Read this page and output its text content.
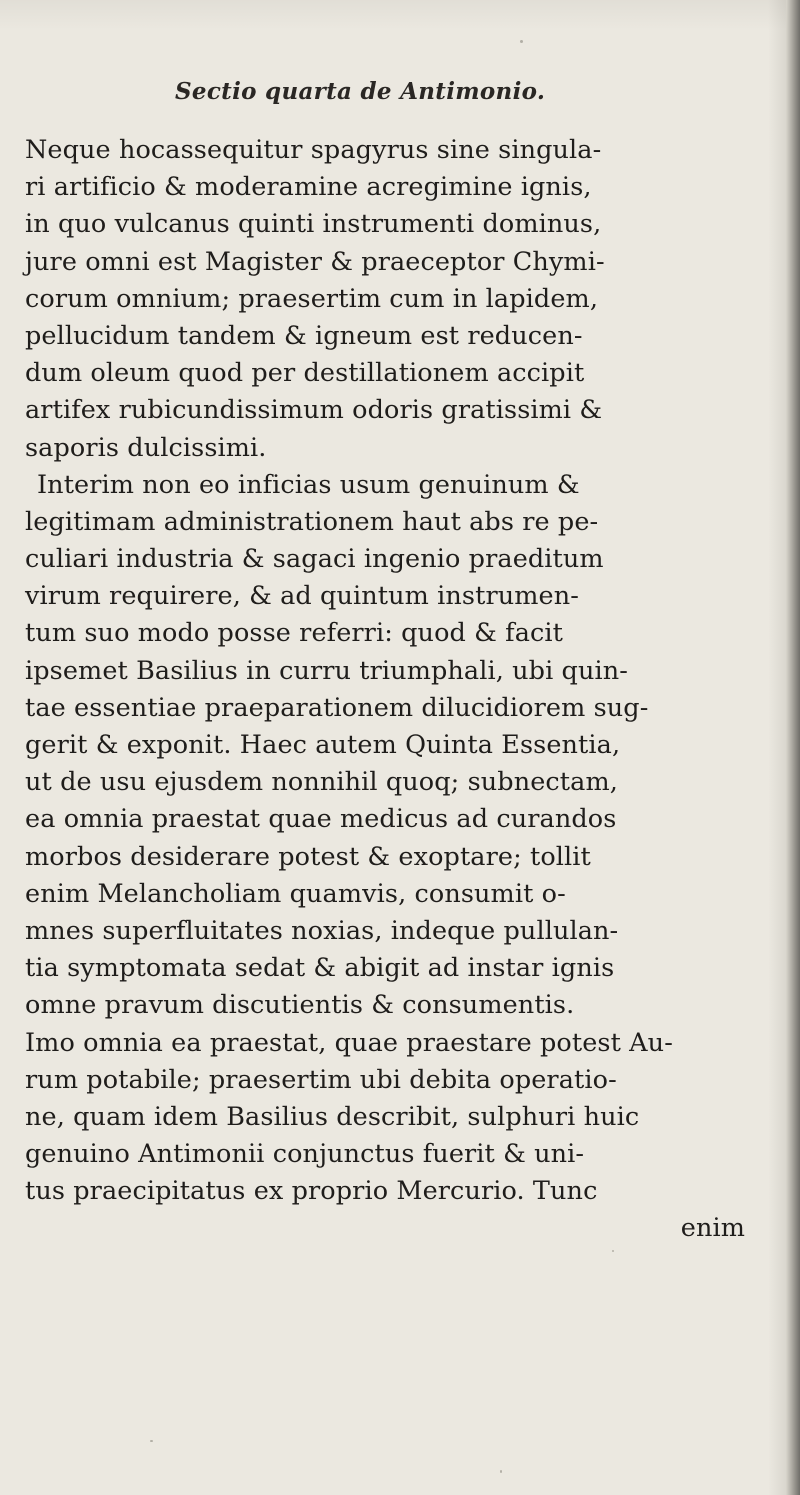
Sectio quarta de Antimonio.
Neque hocassequitur spagyrus sine singula-
ri artificio & moderamine acregimine ignis,
in quo vulcanus quinti instrumenti dominus,
jure omni est Magister & praeceptor Chymi-
corum omnium; praesertim cum in lapidem,
pellucidum tandem & igneum est reducen-
dum oleum quod per destillationem accipit
artifex rubicundissimum odoris gratissimi &
saporis dulcissimi.
Interim non eo inficias usum genuinum &
legitimam administrationem haut abs re pe-
culiari industria & sagaci ingenio praeditum
virum requirere, & ad quintum instrumen-
tum suo modo posse referri: quod & facit
ipsemet Basilius in curru triumphali, ubi quin-
tae essentiae praeparationem dilucidiorem sug-
gerit & exponit. Haec autem Quinta Essentia,
ut de usu ejusdem nonnihil quoq; subnectam,
ea omnia praestat quae medicus ad curandos
morbos desiderare potest & exoptare; tollit
enim Melancholiam quamvis, consumit o-
mnes superfluitates noxias, indeque pullulan-
tia symptomata sedat & abigit ad instar ignis
omne pravum discutientis & consumentis.
Imo omnia ea praestat, quae praestare potest Au-
rum potabile; praesertim ubi debita operatio-
ne, quam idem Basilius describit, sulphuri huic
genuino Antimonii conjunctus fuerit & uni-
tus praecipitatus ex proprio Mercurio. Tunc
enim
